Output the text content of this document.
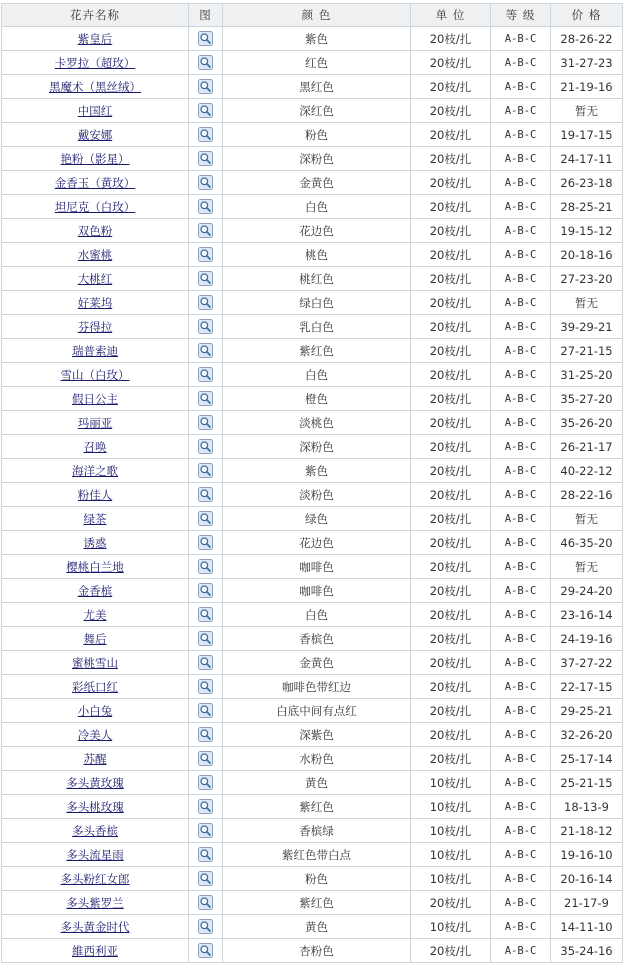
花卉名称	图	颜 色	单 位	等 级	价 格
紫皇后		紫色	20枝/扎	A-B-C	28-26-22
卡罗拉（超玫）		红色	20枝/扎	A-B-C	31-27-23
黑魔术（黑丝绒）		黑红色	20枝/扎	A-B-C	21-19-16
中国红		深红色	20枝/扎	A-B-C	暂无
戴安娜		粉色	20枝/扎	A-B-C	19-17-15
艳粉（影星）		深粉色	20枝/扎	A-B-C	24-17-11
金香玉（黄玫）		金黄色	20枝/扎	A-B-C	26-23-18
坦尼克（白玫）		白色	20枝/扎	A-B-C	28-25-21
双色粉		花边色	20枝/扎	A-B-C	19-15-12
水蜜桃		桃色	20枝/扎	A-B-C	20-18-16
大桃红		桃红色	20枝/扎	A-B-C	27-23-20
好莱坞		绿白色	20枝/扎	A-B-C	暂无
芬得拉		乳白色	20枝/扎	A-B-C	39-29-21
瑞普索迪		紫红色	20枝/扎	A-B-C	27-21-15
雪山（白玫）		白色	20枝/扎	A-B-C	31-25-20
假日公主		橙色	20枝/扎	A-B-C	35-27-20
玛丽亚		淡桃色	20枝/扎	A-B-C	35-26-20
召唤		深粉色	20枝/扎	A-B-C	26-21-17
海洋之歌		紫色	20枝/扎	A-B-C	40-22-12
粉佳人		淡粉色	20枝/扎	A-B-C	28-22-16
绿茶		绿色	20枝/扎	A-B-C	暂无
诱惑		花边色	20枝/扎	A-B-C	46-35-20
樱桃白兰地		咖啡色	20枝/扎	A-B-C	暂无
金香槟		咖啡色	20枝/扎	A-B-C	29-24-20
尤美		白色	20枝/扎	A-B-C	23-16-14
舞后		香槟色	20枝/扎	A-B-C	24-19-16
蜜桃雪山		金黄色	20枝/扎	A-B-C	37-27-22
彩纸口红		咖啡色带红边	20枝/扎	A-B-C	22-17-15
小白兔		白底中间有点红	20枝/扎	A-B-C	29-25-21
冷美人		深紫色	20枝/扎	A-B-C	32-26-20
苏醒		水粉色	20枝/扎	A-B-C	25-17-14
多头黄玫瑰		黄色	10枝/扎	A-B-C	25-21-15
多头桃玫瑰		紫红色	10枝/扎	A-B-C	18-13-9
多头香槟		香槟绿	10枝/扎	A-B-C	21-18-12
多头流星雨		紫红色带白点	10枝/扎	A-B-C	19-16-10
多头粉红女郎		粉色	10枝/扎	A-B-C	20-16-14
多头紫罗兰		紫红色	20枝/扎	A-B-C	21-17-9
多头黄金时代		黄色	10枝/扎	A-B-C	14-11-10
維西利亚		杏粉色	20枝/扎	A-B-C	35-24-16
